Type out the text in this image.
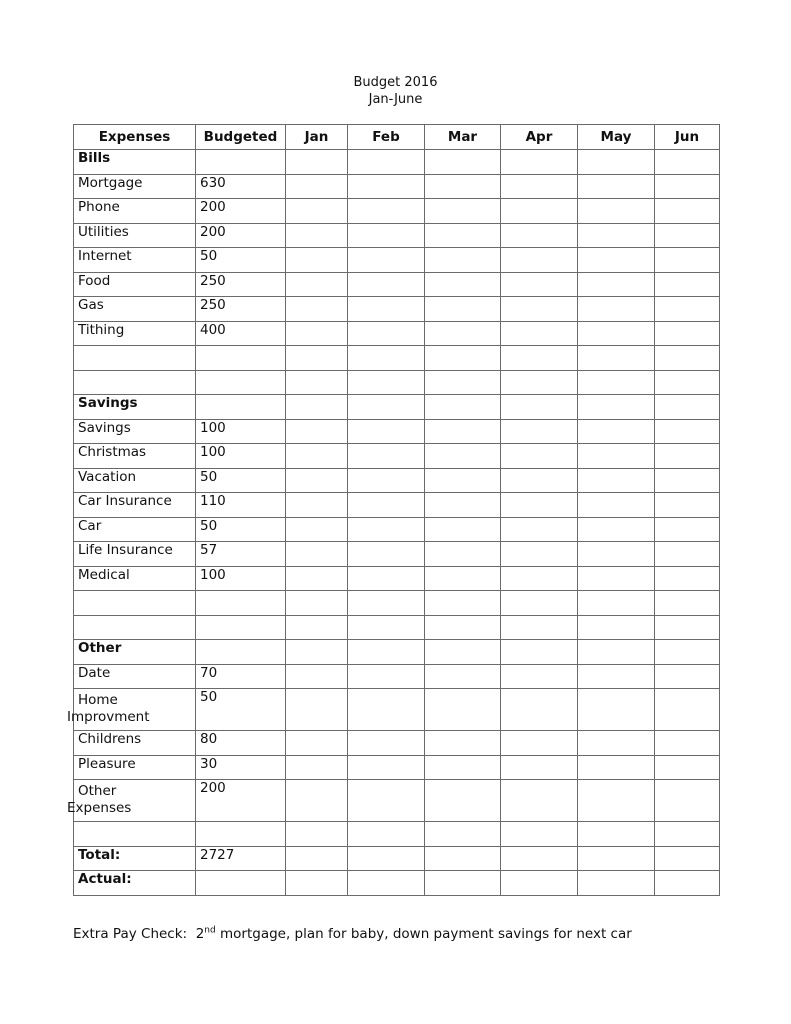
Budget 2016
Jan-June
Expenses	Budgeted	Jan	Feb	Mar	Apr	May	Jun
Bills							
Mortgage	630						
Phone	200						
Utilities	200						
Internet	50						
Food	250						
Gas	250						
Tithing	400						

Savings							
Savings	100						
Christmas	100						
Vacation	50						
Car Insurance	110						
Car	50						
Life Insurance	57						
Medical	100						

Other							
Date	70						
Home
Improvment	50						
Childrens	80						
Pleasure	30						
Other
Expenses	200						

Total:	2727						
Actual:							
Extra Pay Check: 2nd mortgage, plan for baby, down payment savings for next car
